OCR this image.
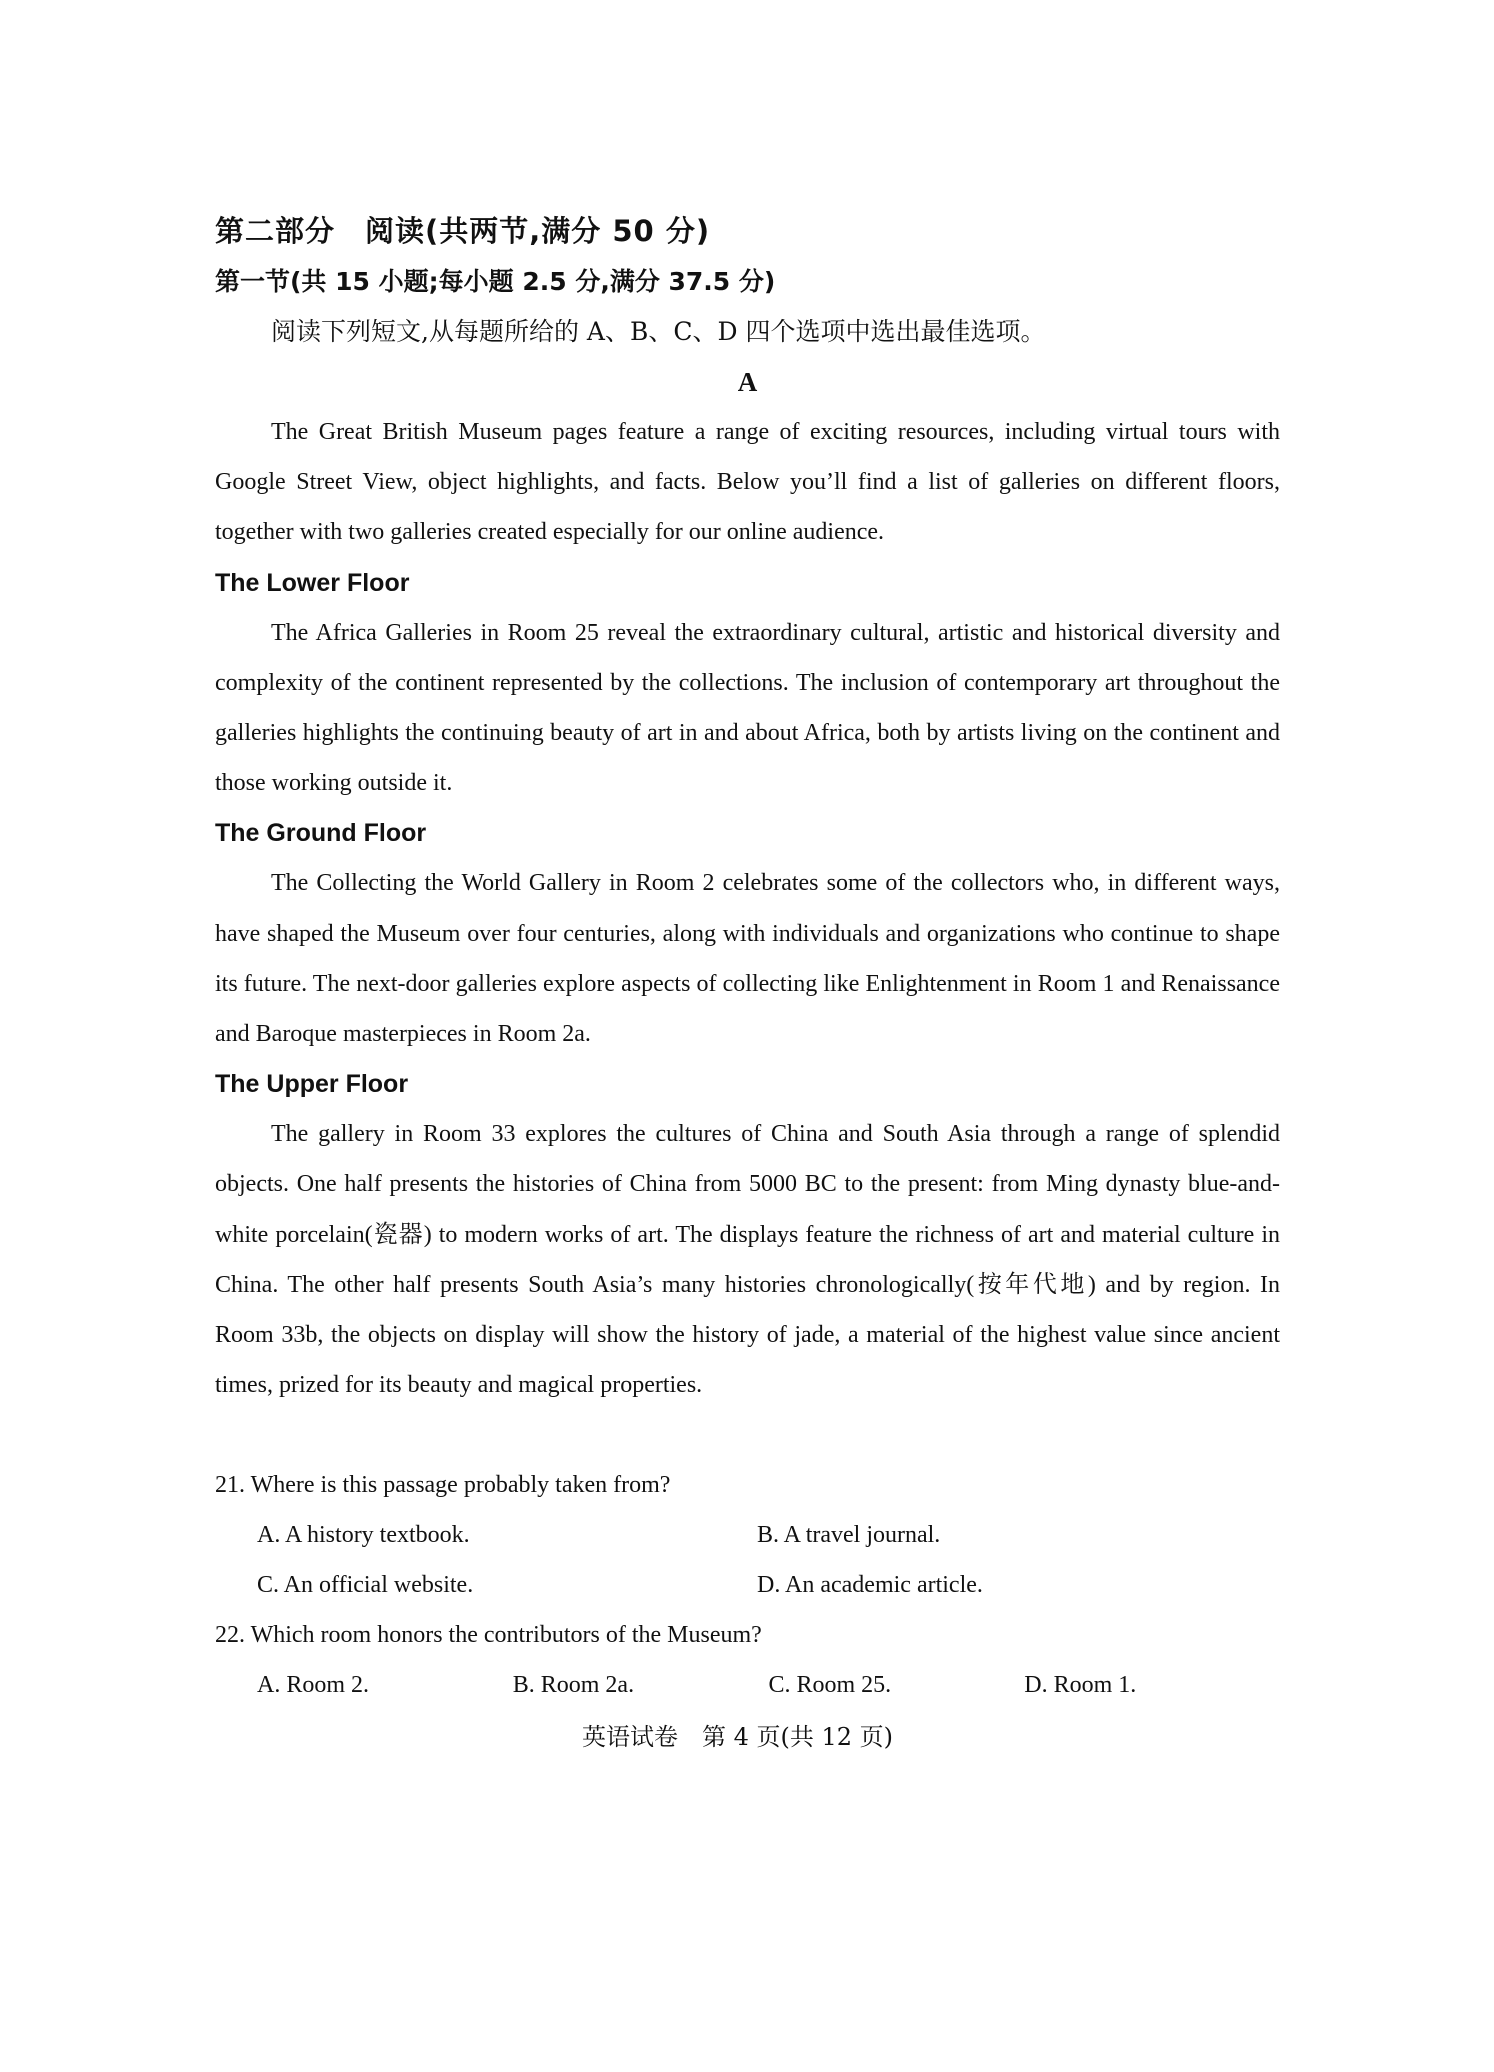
第二部分　阅读(共两节,满分 50 分)
第一节(共 15 小题;每小题 2.5 分,满分 37.5 分)
阅读下列短文,从每题所给的 A、B、C、D 四个选项中选出最佳选项。
A

The Great British Museum pages feature a range of exciting resources, including virtual tours with Google Street View, object highlights, and facts. Below you’ll find a list of galleries on different floors, together with two galleries created especially for our online audience.

The Lower Floor

The Africa Galleries in Room 25 reveal the extraordinary cultural, artistic and historical diversity and complexity of the continent represented by the collections. The inclusion of contemporary art throughout the galleries highlights the continuing beauty of art in and about Africa, both by artists living on the continent and those working outside it.

The Ground Floor

The Collecting the World Gallery in Room 2 celebrates some of the collectors who, in different ways, have shaped the Museum over four centuries, along with individuals and organizations who continue to shape its future. The next-door galleries explore aspects of collecting like Enlightenment in Room 1 and Renaissance and Baroque masterpieces in Room 2a.

The Upper Floor

The gallery in Room 33 explores the cultures of China and South Asia through a range of splendid objects. One half presents the histories of China from 5000 BC to the present: from Ming dynasty blue-and-white porcelain(瓷器) to modern works of art. The displays feature the richness of art and material culture in China. The other half presents South Asia’s many histories chronologically(按年代地) and by region. In Room 33b, the objects on display will show the history of jade, a material of the highest value since ancient times, prized for its beauty and magical properties.

21. Where is this passage probably taken from?
A. A history textbook.	B. A travel journal.
C. An official website.	D. An academic article.
22. Which room honors the contributors of the Museum?
A. Room 2.	B. Room 2a.	C. Room 25.	D. Room 1.
英语试卷　第 4 页(共 12 页)
